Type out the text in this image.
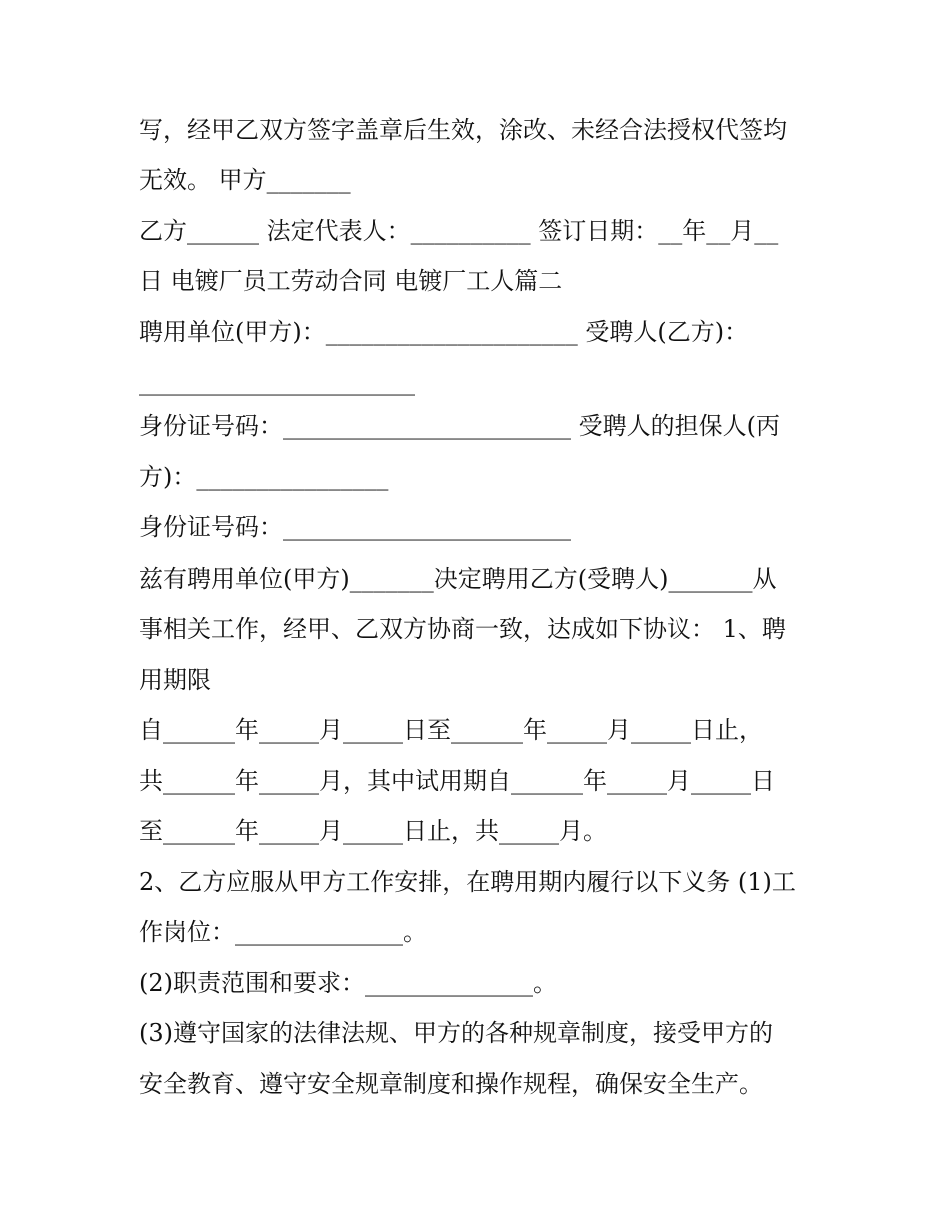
写，经甲乙双方签字盖章后生效，涂改、未经合法授权代签均
无效。 甲方_______
乙方______ 法定代表人：__________ 签订日期：__年__月__
日 电镀厂员工劳动合同 电镀厂工人篇二
聘用单位(甲方)：_____________________ 受聘人(乙方)：
_______________________
身份证号码：________________________ 受聘人的担保人(丙
方)：________________
身份证号码：________________________
兹有聘用单位(甲方)_______决定聘用乙方(受聘人)_______从
事相关工作，经甲、乙双方协商一致，达成如下协议： 1、聘
用期限
自______年_____月_____日至______年_____月_____日止，
共______年_____月，其中试用期自______年_____月_____日
至______年_____月_____日止，共_____月。
2、乙方应服从甲方工作安排，在聘用期内履行以下义务 (1)工
作岗位：______________。
(2)职责范围和要求：______________。
(3)遵守国家的法律法规、甲方的各种规章制度，接受甲方的
安全教育、遵守安全规章制度和操作规程，确保安全生产。
